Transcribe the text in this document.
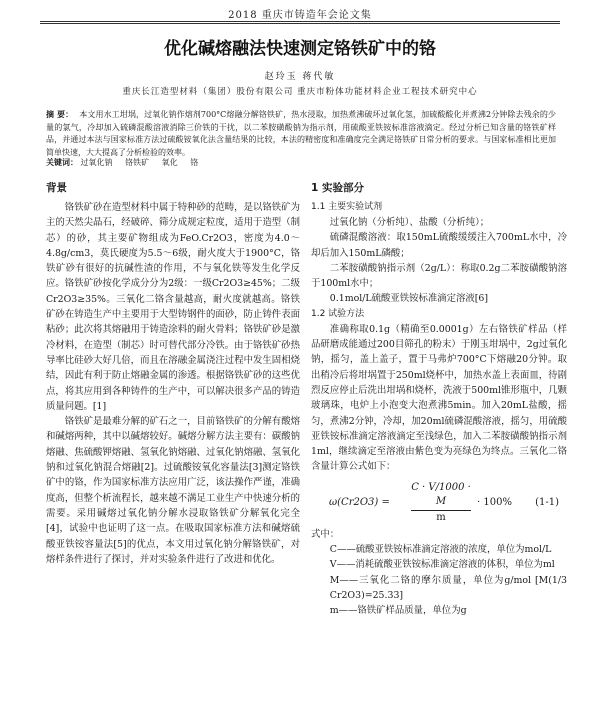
2018 重庆市铸造年会论文集
优化碱熔融法快速测定铬铁矿中的铬
赵玲玉 蒋代敏
重庆长江造型材料（集团）股份有限公司 重庆市粉体功能材料企业工程技术研究中心
摘 要： 本文用水工坩埚，过氧化钠作熔剂700°C熔融分解铬铁矿，热水浸取，加热煮沸破坏过氧化氢，加硫酸酸化并煮沸2分钟除去残余的少量的氯气，冷却加入硫磷混酸溶液消除三价铁的干扰，以二苯胺磺酸钠为指示剂，用硫酸亚铁铵标准溶液滴定。经过分析已知含量的铬铁矿样品，并通过本法与国家标准方法过硫酸铵氧化法含量结果的比较，本法的精密度和准确度完全满足铬铁矿日常分析的要求。与国家标准相比更加简单快速，大大提高了分析检验的效率。
关键词： 过氧化钠 铬铁矿 氧化 铬
背景

铬铁矿砂在造型材料中属于特种砂的范畴，是以铬铁矿为主的天然尖晶石，经破碎、筛分成规定粒度，适用于造型（制芯）的砂，其主要矿物组成为FeO.Cr2O3，密度为4.0～4.8g/cm3，莫氏硬度为5.5～6级，耐火度大于1900°C，铬铁矿砂有很好的抗碱性渣的作用，不与氧化铁等发生化学反应。铬铁矿砂按化学成分分为2级：一级Cr2O3≥45%；二级Cr2O3≥35%。三氧化二铬含量越高，耐火度就越高。铬铁矿砂在铸造生产中主要用于大型铸钢件的面砂，防止铸件表面粘砂；此次将其熔融用于铸造涂料的耐火骨料；铬铁矿砂是激冷材料，在造型（制芯）时可替代部分冷铁。由于铬铁矿砂热导率比硅砂大好几倍，而且在溶融金属浇注过程中发生固相烧结，因此有利于防止熔融金属的渗透。根据铬铁矿砂的这些优点，将其应用到各种铸件的生产中，可以解决很多产品的铸造质量问题。[1]

铬铁矿是最难分解的矿石之一，目前铬铁矿的分解有酸熔和碱熔两种，其中以碱熔较好。碱熔分解方法主要有：碳酸钠熔融、焦硫酸钾熔融、氢氧化钠熔融、过氧化钠熔融、氢氧化钠和过氧化钠混合熔融[2]。过硫酸铵氧化容量法[3]测定铬铁矿中的铬，作为国家标准方法应用广泛，该法操作严谨，准确度高，但整个析流程长，越来越不满足工业生产中快速分析的需要。采用碱熔过氧化钠分解水浸取铬铁矿分解氧化完全[4]，试验中也证明了这一点。在吸取国家标准方法和碱熔硫酸亚铁铵容量法[5]的优点，本文用过氧化钠分解铬铁矿，对熔样条件进行了探讨，并对实验条件进行了改进和优化。

1 实验部分
1.1 主要实验试剂

过氧化钠（分析纯）、盐酸（分析纯）；

硫磷混酸溶液：取150mL硫酸缓缓注入700mL水中，冷却后加入150mL磷酸；

二苯胺磺酸钠指示剂（2g/L）：称取0.2g二苯胺磺酸钠溶于100ml水中；

0.1mol/L硫酸亚铁铵标准滴定溶液[6]

1.2 试验方法

准确称取0.1g（精确至0.0001g）左右铬铁矿样品（样品研磨成能通过200目筛孔的粉末）于刚玉坩埚中，2g过氧化钠，摇匀，盖上盖子，置于马弗炉700°C下熔融20分钟。取出稍冷后将坩埚置于250ml烧杯中，加热水盖上表面皿，待剧烈反应停止后洗出坩埚和烧杯，洗液于500ml锥形瓶中，几颗玻璃珠，电炉上小泡变大泡煮沸5min。加入20mL盐酸，摇匀，煮沸2分钟，冷却，加20ml硫磷混酸溶液，摇匀，用硫酸亚铁铵标准滴定溶液滴定至浅绿色，加入二苯胺磺酸钠指示剂1ml，继续滴定至溶液由紫色变为亮绿色为终点。三氧化二铬含量计算公式如下：

$\omega(Cr2O3) = \frac{C \cdot V/1000 \cdot M}{m} \cdot 100\%$ (1-1)

式中：

C——硫酸亚铁铵标准滴定溶液的浓度，单位为mol/L

V——消耗硫酸亚铁铵标准滴定溶液的体积，单位为ml

M——三氧化二铬的摩尔质量，单位为g/mol [M(1/3 Cr2O3)=25.33]

m——铬铁矿样品质量，单位为g
